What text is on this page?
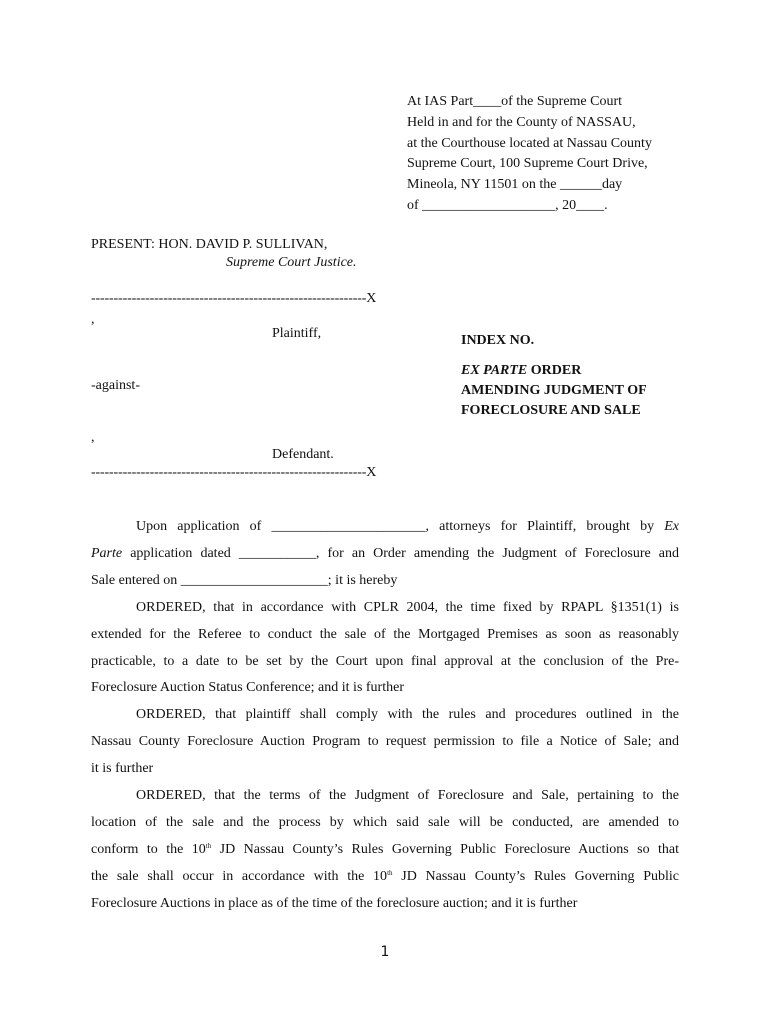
At IAS Part____of the Supreme Court
Held in and for the County of NASSAU,
at the Courthouse located at Nassau County
Supreme Court, 100 Supreme Court Drive,
Mineola, NY 11501 on the ______day
of ___________________, 20____.
PRESENT: HON. DAVID P. SULLIVAN,
Supreme Court Justice.
-------------------------------------------------------------X
,
Plaintiff,
-against-
,
Defendant.
-------------------------------------------------------------X
INDEX NO.
EX PARTE ORDER
AMENDING JUDGMENT OF
FORECLOSURE AND SALE
Upon application of ______________________, attorneys for Plaintiff, brought by Ex
Parte application dated ___________, for an Order amending the Judgment of Foreclosure and
Sale entered on _____________________; it is hereby
ORDERED, that in accordance with CPLR 2004, the time fixed by RPAPL §1351(1) is
extended for the Referee to conduct the sale of the Mortgaged Premises as soon as reasonably
practicable, to a date to be set by the Court upon final approval at the conclusion of the Pre-
Foreclosure Auction Status Conference; and it is further
ORDERED, that plaintiff shall comply with the rules and procedures outlined in the
Nassau County Foreclosure Auction Program to request permission to file a Notice of Sale; and
it is further
ORDERED, that the terms of the Judgment of Foreclosure and Sale, pertaining to the
location of the sale and the process by which said sale will be conducted, are amended to
conform to the 10th JD Nassau County’s Rules Governing Public Foreclosure Auctions so that
the sale shall occur in accordance with the 10th JD Nassau County’s Rules Governing Public
Foreclosure Auctions in place as of the time of the foreclosure auction; and it is further
1
